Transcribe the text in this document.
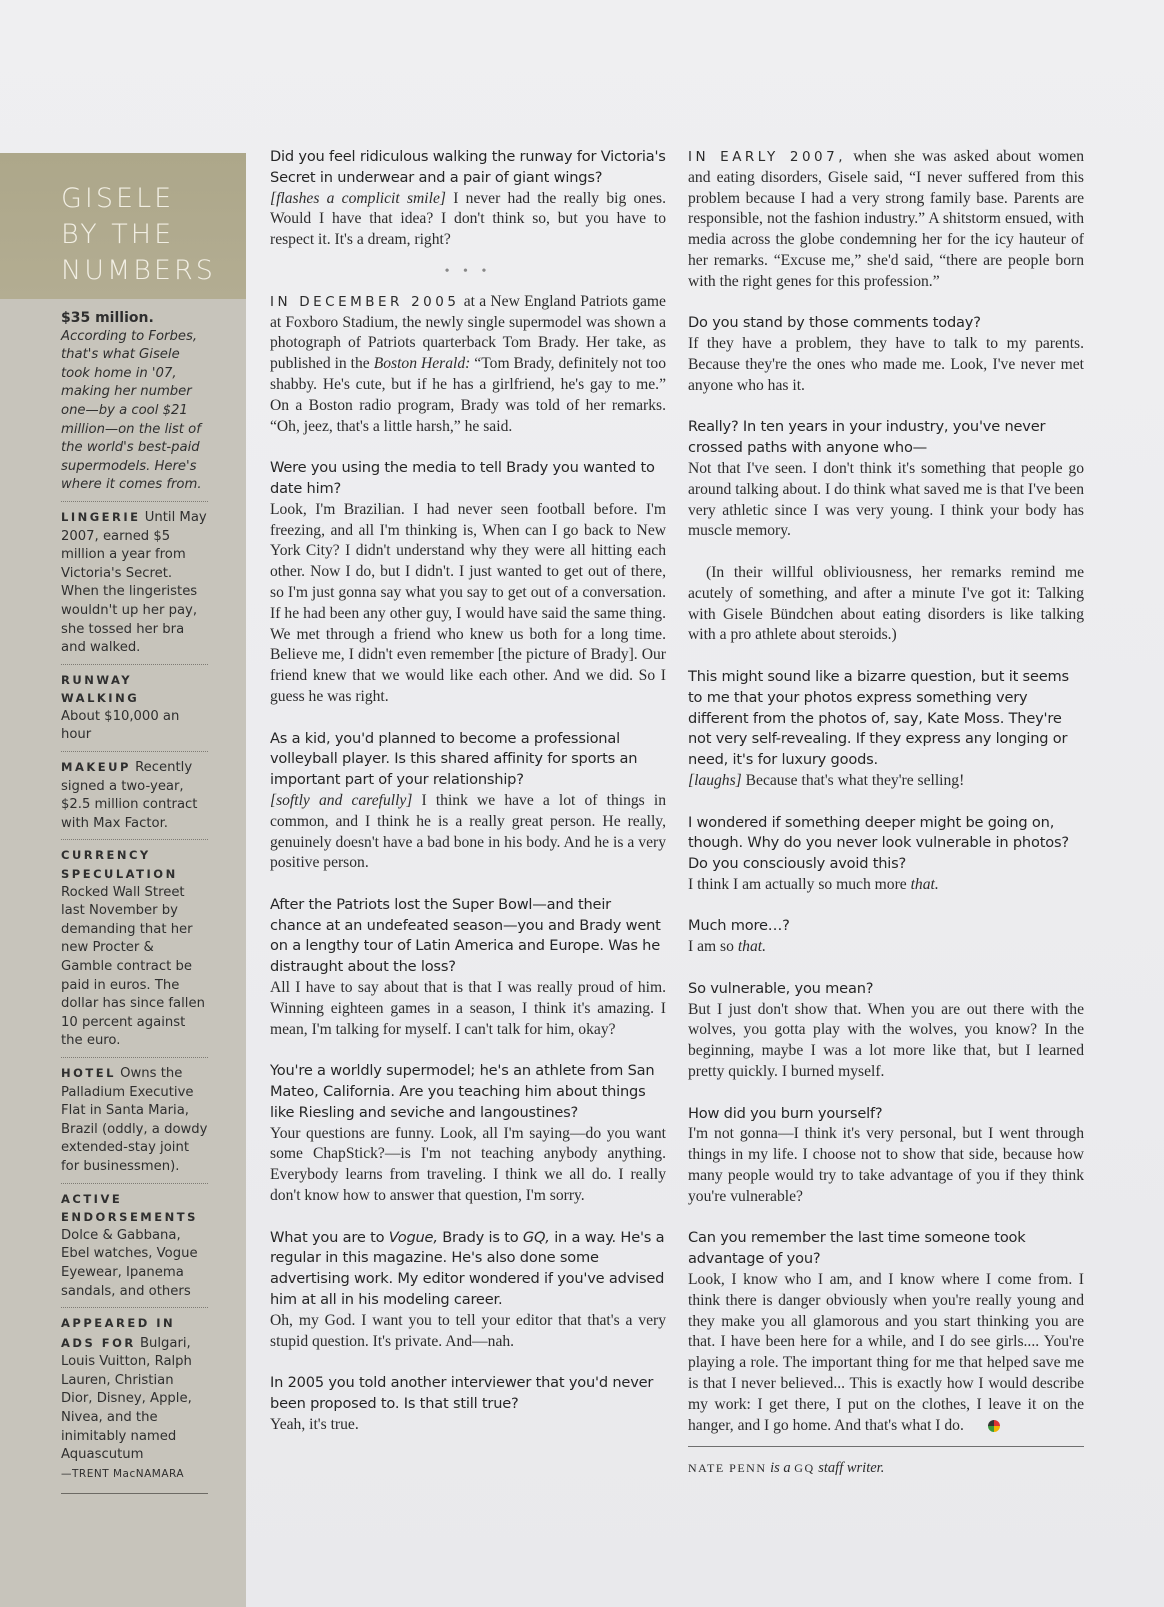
GISELE
BY THE
NUMBERS
$35 million.
According to Forbes, that's what Gisele took home in '07, making her number one—by a cool $21 million—on the list of the world's best-paid supermodels. Here's where it comes from.
LINGERIE Until May 2007, earned $5 million a year from Victoria's Secret. When the lingeristes wouldn't up her pay, she tossed her bra and walked.
RUNWAY WALKING
About $10,000 an hour
MAKEUP Recently signed a two-year, $2.5 million contract with Max Factor.
CURRENCY SPECULATION
Rocked Wall Street last November by demanding that her new Procter & Gamble contract be paid in euros. The dollar has since fallen 10 percent against the euro.
HOTEL Owns the Palladium Executive Flat in Santa Maria, Brazil (oddly, a dowdy extended-stay joint for businessmen).
ACTIVE ENDORSEMENTS
Dolce & Gabbana, Ebel watches, Vogue Eyewear, Ipanema sandals, and others
APPEARED IN ADS FOR Bulgari, Louis Vuitton, Ralph Lauren, Christian Dior, Disney, Apple, Nivea, and the inimitably named Aquascutum
—TRENT MacNAMARA
Did you feel ridiculous walking the runway for Victoria's Secret in underwear and a pair of giant wings?
[flashes a complicit smile] I never had the really big ones. Would I have that idea? I don't think so, but you have to respect it. It's a dream, right?
• • •
IN DECEMBER 2005 at a New England Patriots game at Foxboro Stadium, the newly single supermodel was shown a photograph of Patriots quarterback Tom Brady. Her take, as published in the Boston Herald: “Tom Brady, definitely not too shabby. He's cute, but if he has a girlfriend, he's gay to me.” On a Boston radio program, Brady was told of her remarks. “Oh, jeez, that's a little harsh,” he said.
Were you using the media to tell Brady you wanted to date him?
Look, I'm Brazilian. I had never seen football before. I'm freezing, and all I'm thinking is, When can I go back to New York City? I didn't understand why they were all hitting each other. Now I do, but I didn't. I just wanted to get out of there, so I'm just gonna say what you say to get out of a conversation. If he had been any other guy, I would have said the same thing. We met through a friend who knew us both for a long time. Believe me, I didn't even remember [the picture of Brady]. Our friend knew that we would like each other. And we did. So I guess he was right.
As a kid, you'd planned to become a professional volleyball player. Is this shared affinity for sports an important part of your relationship?
[softly and carefully] I think we have a lot of things in common, and I think he is a really great person. He really, genuinely doesn't have a bad bone in his body. And he is a very positive person.
After the Patriots lost the Super Bowl—and their chance at an undefeated season—you and Brady went on a lengthy tour of Latin America and Europe. Was he distraught about the loss?
All I have to say about that is that I was really proud of him. Winning eighteen games in a season, I think it's amazing. I mean, I'm talking for myself. I can't talk for him, okay?
You're a worldly supermodel; he's an athlete from San Mateo, California. Are you teaching him about things like Riesling and seviche and langoustines?
Your questions are funny. Look, all I'm saying—do you want some ChapStick?—is I'm not teaching anybody anything. Everybody learns from traveling. I think we all do. I really don't know how to answer that question, I'm sorry.
What you are to Vogue, Brady is to GQ, in a way. He's a regular in this magazine. He's also done some advertising work. My editor wondered if you've advised him at all in his modeling career.
Oh, my God. I want you to tell your editor that that's a very stupid question. It's private. And—nah.
In 2005 you told another interviewer that you'd never been proposed to. Is that still true?
Yeah, it's true.
IN EARLY 2007, when she was asked about women and eating disorders, Gisele said, “I never suffered from this problem because I had a very strong family base. Parents are responsible, not the fashion industry.” A shitstorm ensued, with media across the globe condemning her for the icy hauteur of her remarks. “Excuse me,” she'd said, “there are people born with the right genes for this profession.”
Do you stand by those comments today?
If they have a problem, they have to talk to my parents. Because they're the ones who made me. Look, I've never met anyone who has it.
Really? In ten years in your industry, you've never crossed paths with anyone who—
Not that I've seen. I don't think it's something that people go around talking about. I do think what saved me is that I've been very athletic since I was very young. I think your body has muscle memory.
(In their willful obliviousness, her remarks remind me acutely of something, and after a minute I've got it: Talking with Gisele Bündchen about eating disorders is like talking with a pro athlete about steroids.)
This might sound like a bizarre question, but it seems to me that your photos express something very different from the photos of, say, Kate Moss. They're not very self-revealing. If they express any longing or need, it's for luxury goods.
[laughs] Because that's what they're selling!
I wondered if something deeper might be going on, though. Why do you never look vulnerable in photos? Do you consciously avoid this?
I think I am actually so much more that.
Much more…?
I am so that.
So vulnerable, you mean?
But I just don't show that. When you are out there with the wolves, you gotta play with the wolves, you know? In the beginning, maybe I was a lot more like that, but I learned pretty quickly. I burned myself.
How did you burn yourself?
I'm not gonna—I think it's very personal, but I went through things in my life. I choose not to show that side, because how many people would try to take advantage of you if they think you're vulnerable?
Can you remember the last time someone took advantage of you?
Look, I know who I am, and I know where I come from. I think there is danger obviously when you're really young and they make you all glamorous and you start thinking you are that. I have been here for a while, and I do see girls.... You're playing a role. The important thing for me that helped save me is that I never believed... This is exactly how I would describe my work: I get there, I put on the clothes, I leave it on the hanger, and I go home. And that's what I do.
NATE PENN is a GQ staff writer.
